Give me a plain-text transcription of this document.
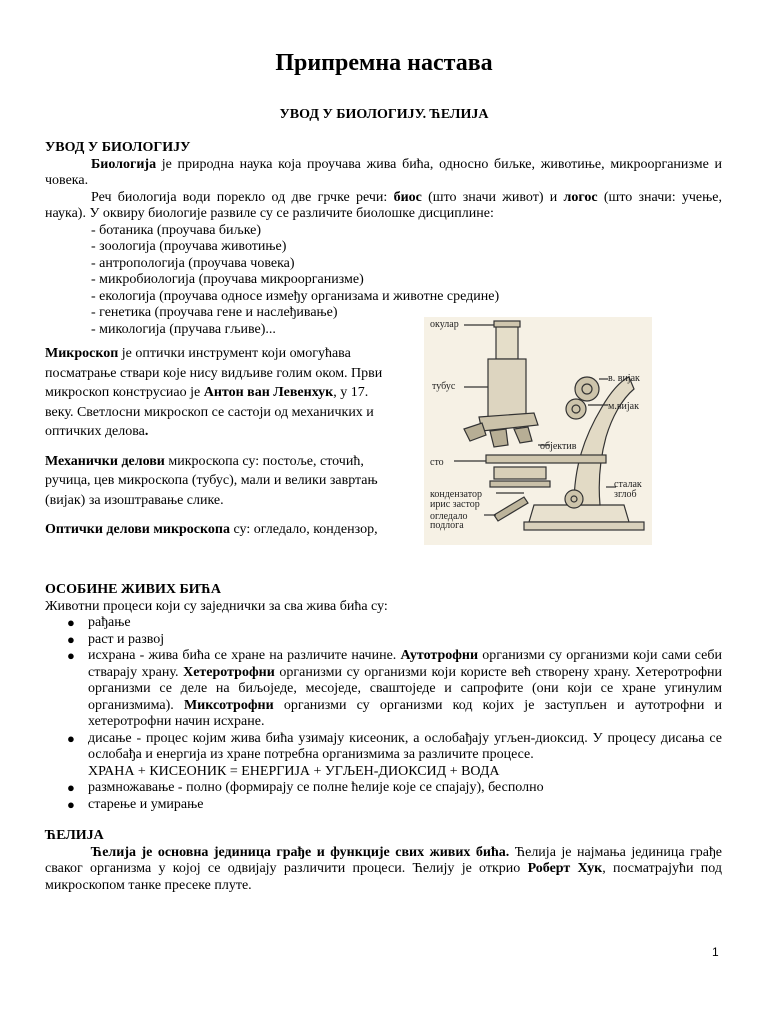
Припремна настава
УВОД У БИОЛОГИЈУ. ЋЕЛИЈА
УВОД У БИОЛОГИЈУ
Биологија је природна наука која проучава жива бића, односно биљке, животиње, микроорганизме и човека.
Реч биологија води порекло од две грчке речи: биос (што значи живот) и логос (што значи: учење, наука). У оквиру биологије развиле су се различите биолошке дисциплине:
- ботаника (проучава биљке)
- зоологија (проучава животиње)
- антропологија (проучава човека)
- микробиологија (проучава микроорганизме)
- екологија (проучава односе између организама и животне средине)
- генетика (проучава гене и наслеђивање)
- микологија (пручава гљиве)...

Микроскоп је оптички инструмент који омогућава посматрање ствари које нису видљиве голим оком. Први микроскоп конструсиао је Антон ван Левенхук, у 17. веку. Светлосни микроскоп се састоји од механичких и оптичких делова.

Механички делови микроскопа су: постоље, сточић, ручица, цев микроскопа (тубус), мали и велики завртањ (вијак) за изоштравање слике.

Оптички делови микроскопа су: огледало, кондензор,

окулар
тубус
в. вијак
м.вијак
објектив
сто
сталак
зглоб
кондензатор
ирис застор
огледало
подлога
ОСОБИНЕ ЖИВИХ БИЋА
Животни процеси који су заједнички за сва жива бића су:
● рађање
● раст и развој
● исхрана - жива бића се хране на различите начине. Аутотрофни организми су организми који сами себи стварају храну. Хетеротрофни организми су организми који користе већ створену храну. Хетеротрофни организми се деле на биљоједе, месоједе, сваштоједе и сапрофите (они који се хране угинулим организмима). Миксотрофни организми су организми код којих је заступљен и аутотрофни и хетеротрофни начин исхране.
● дисање - процес којим жива бића узимају кисеоник, а ослобађају угљен-диоксид. У процесу дисања се ослобађа и енергија из хране потребна организмима за различите процесе.
ХРАНА + КИСЕОНИК = ЕНЕРГИЈА + УГЉЕН-ДИОКСИД + ВОДА
● размножавање - полно (формирају се полне ћелије које се спајају), бесполно
● старење и умирање
ЋЕЛИЈА
Ћелија је основна јединица грађе и функције свих живих бића. Ћелија је најмања јединица грађе сваког организма у којој се одвијају различити процеси. Ћелију је открио Роберт Хук, посматрајући под микроскопом танке пресеке плуте.
1
